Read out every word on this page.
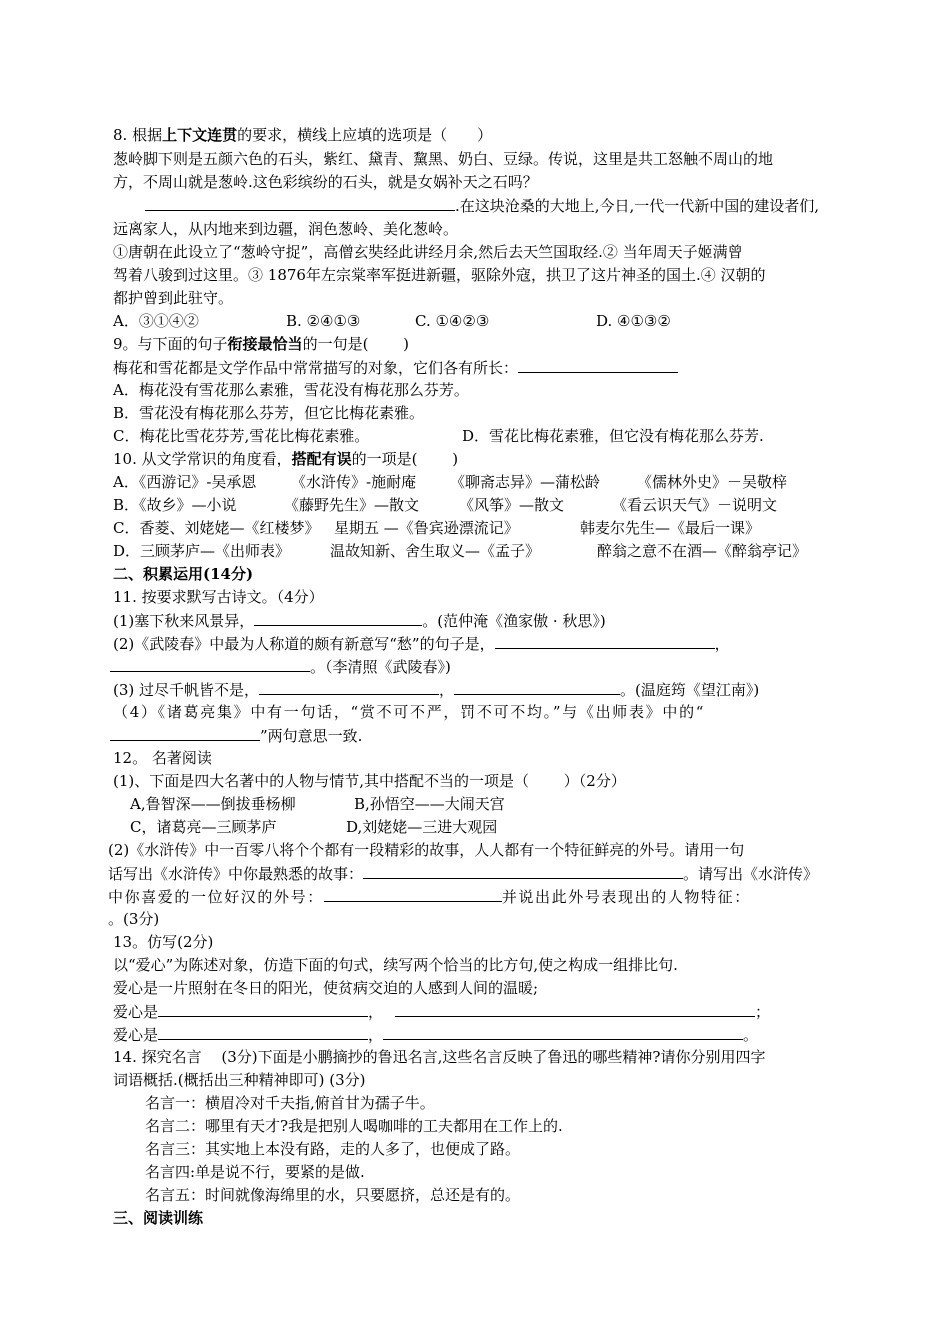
8. 根据上下文连贯的要求，横线上应填的选项是（　　）
葱岭脚下则是五颜六色的石头，紫红、黛青、黧黑、奶白、豆绿。传说，这里是共工怒触不周山的地
方，不周山就是葱岭.这色彩缤纷的石头，就是女娲补天之石吗？
.在这块沧桑的大地上,今日,一代一代新中国的建设者们,
远离家人，从内地来到边疆，润色葱岭、美化葱岭。
①唐朝在此设立了“葱岭守捉”，高僧玄奘经此讲经月余,然后去天竺国取经.② 当年周天子姬满曾
驾着八骏到过这里。③ 1876年左宗棠率军挺进新疆，驱除外寇，拱卫了这片神圣的国土.④ 汉朝的
都护曾到此驻守。
A．③①④②	B. ②④①③	C. ①④②③	D. ④①③②
9。与下面的句子衔接最恰当的一句是(　　 )
梅花和雪花都是文学作品中常常描写的对象，它们各有所长：
A．梅花没有雪花那么素雅，雪花没有梅花那么芬芳。
B．雪花没有梅花那么芬芳，但它比梅花素雅。
C．梅花比雪花芬芳,雪花比梅花素雅。	D．雪花比梅花素雅，但它没有梅花那么芬芳.
10. 从文学常识的角度看，搭配有误的一项是(　　 )
A．《西游记》-吴承恩 《水浒传》-施耐庵 《聊斋志异》—蒲松龄 《儒林外史》－吴敬梓
B．《故乡》—小说	《藤野先生》—散文	《风筝》—散文	《看云识天气》－说明文
C．香菱、刘姥姥—《红楼梦》 星期五 —《鲁宾逊漂流记》	韩麦尔先生—《最后一课》
D．三顾茅庐—《出师表》	温故知新、舍生取义—《孟子》	醉翁之意不在酒—《醉翁亭记》
二、积累运用(14分)
11. 按要求默写古诗文。（4分）
(1)塞下秋来风景异，	。(范仲淹《渔家傲 · 秋思》)
(2)《武陵春》中最为人称道的颇有新意写“愁”的句子是，	，
。（李清照《武陵春》)
(3) 过尽千帆皆不是，	，	。(温庭筠《望江南》)
（4）《诸葛亮集》中有一句话，“赏不可不严，罚不可不均。”与《出师表》中的“
”两句意思一致.
12。 名著阅读
(1)、下面是四大名著中的人物与情节,其中搭配不当的一项是（　　 ）（2分）
A,鲁智深——倒拔垂杨柳	B,孙悟空——大闹天宫
C，诸葛亮—三顾茅庐	D,刘姥姥—三进大观园
(2)《水浒传》中一百零八将个个都有一段精彩的故事，人人都有一个特征鲜亮的外号。请用一句
话写出《水浒传》中你最熟悉的故事：	。请写出《水浒传》
中你喜爱的一位好汉的外号：	并说出此外号表现出的人物特征：
。(3分)
13。仿写(2分)
以“爱心”为陈述对象，仿造下面的句式，续写两个恰当的比方句,使之构成一组排比句.
爱心是一片照射在冬日的阳光，使贫病交迫的人感到人间的温暖;
爱心是	，	；
爱心是	，	。
14. 探究名言　 (3分)下面是小鹏摘抄的鲁迅名言,这些名言反映了鲁迅的哪些精神?请你分别用四字
词语概括.(概括出三种精神即可) (3分)
名言一：横眉冷对千夫指,俯首甘为孺子牛。
名言二：哪里有天才?我是把别人喝咖啡的工夫都用在工作上的.
名言三：其实地上本没有路，走的人多了，也便成了路。
名言四:单是说不行，要紧的是做.
名言五：时间就像海绵里的水，只要愿挤，总还是有的。
三、阅读训练
